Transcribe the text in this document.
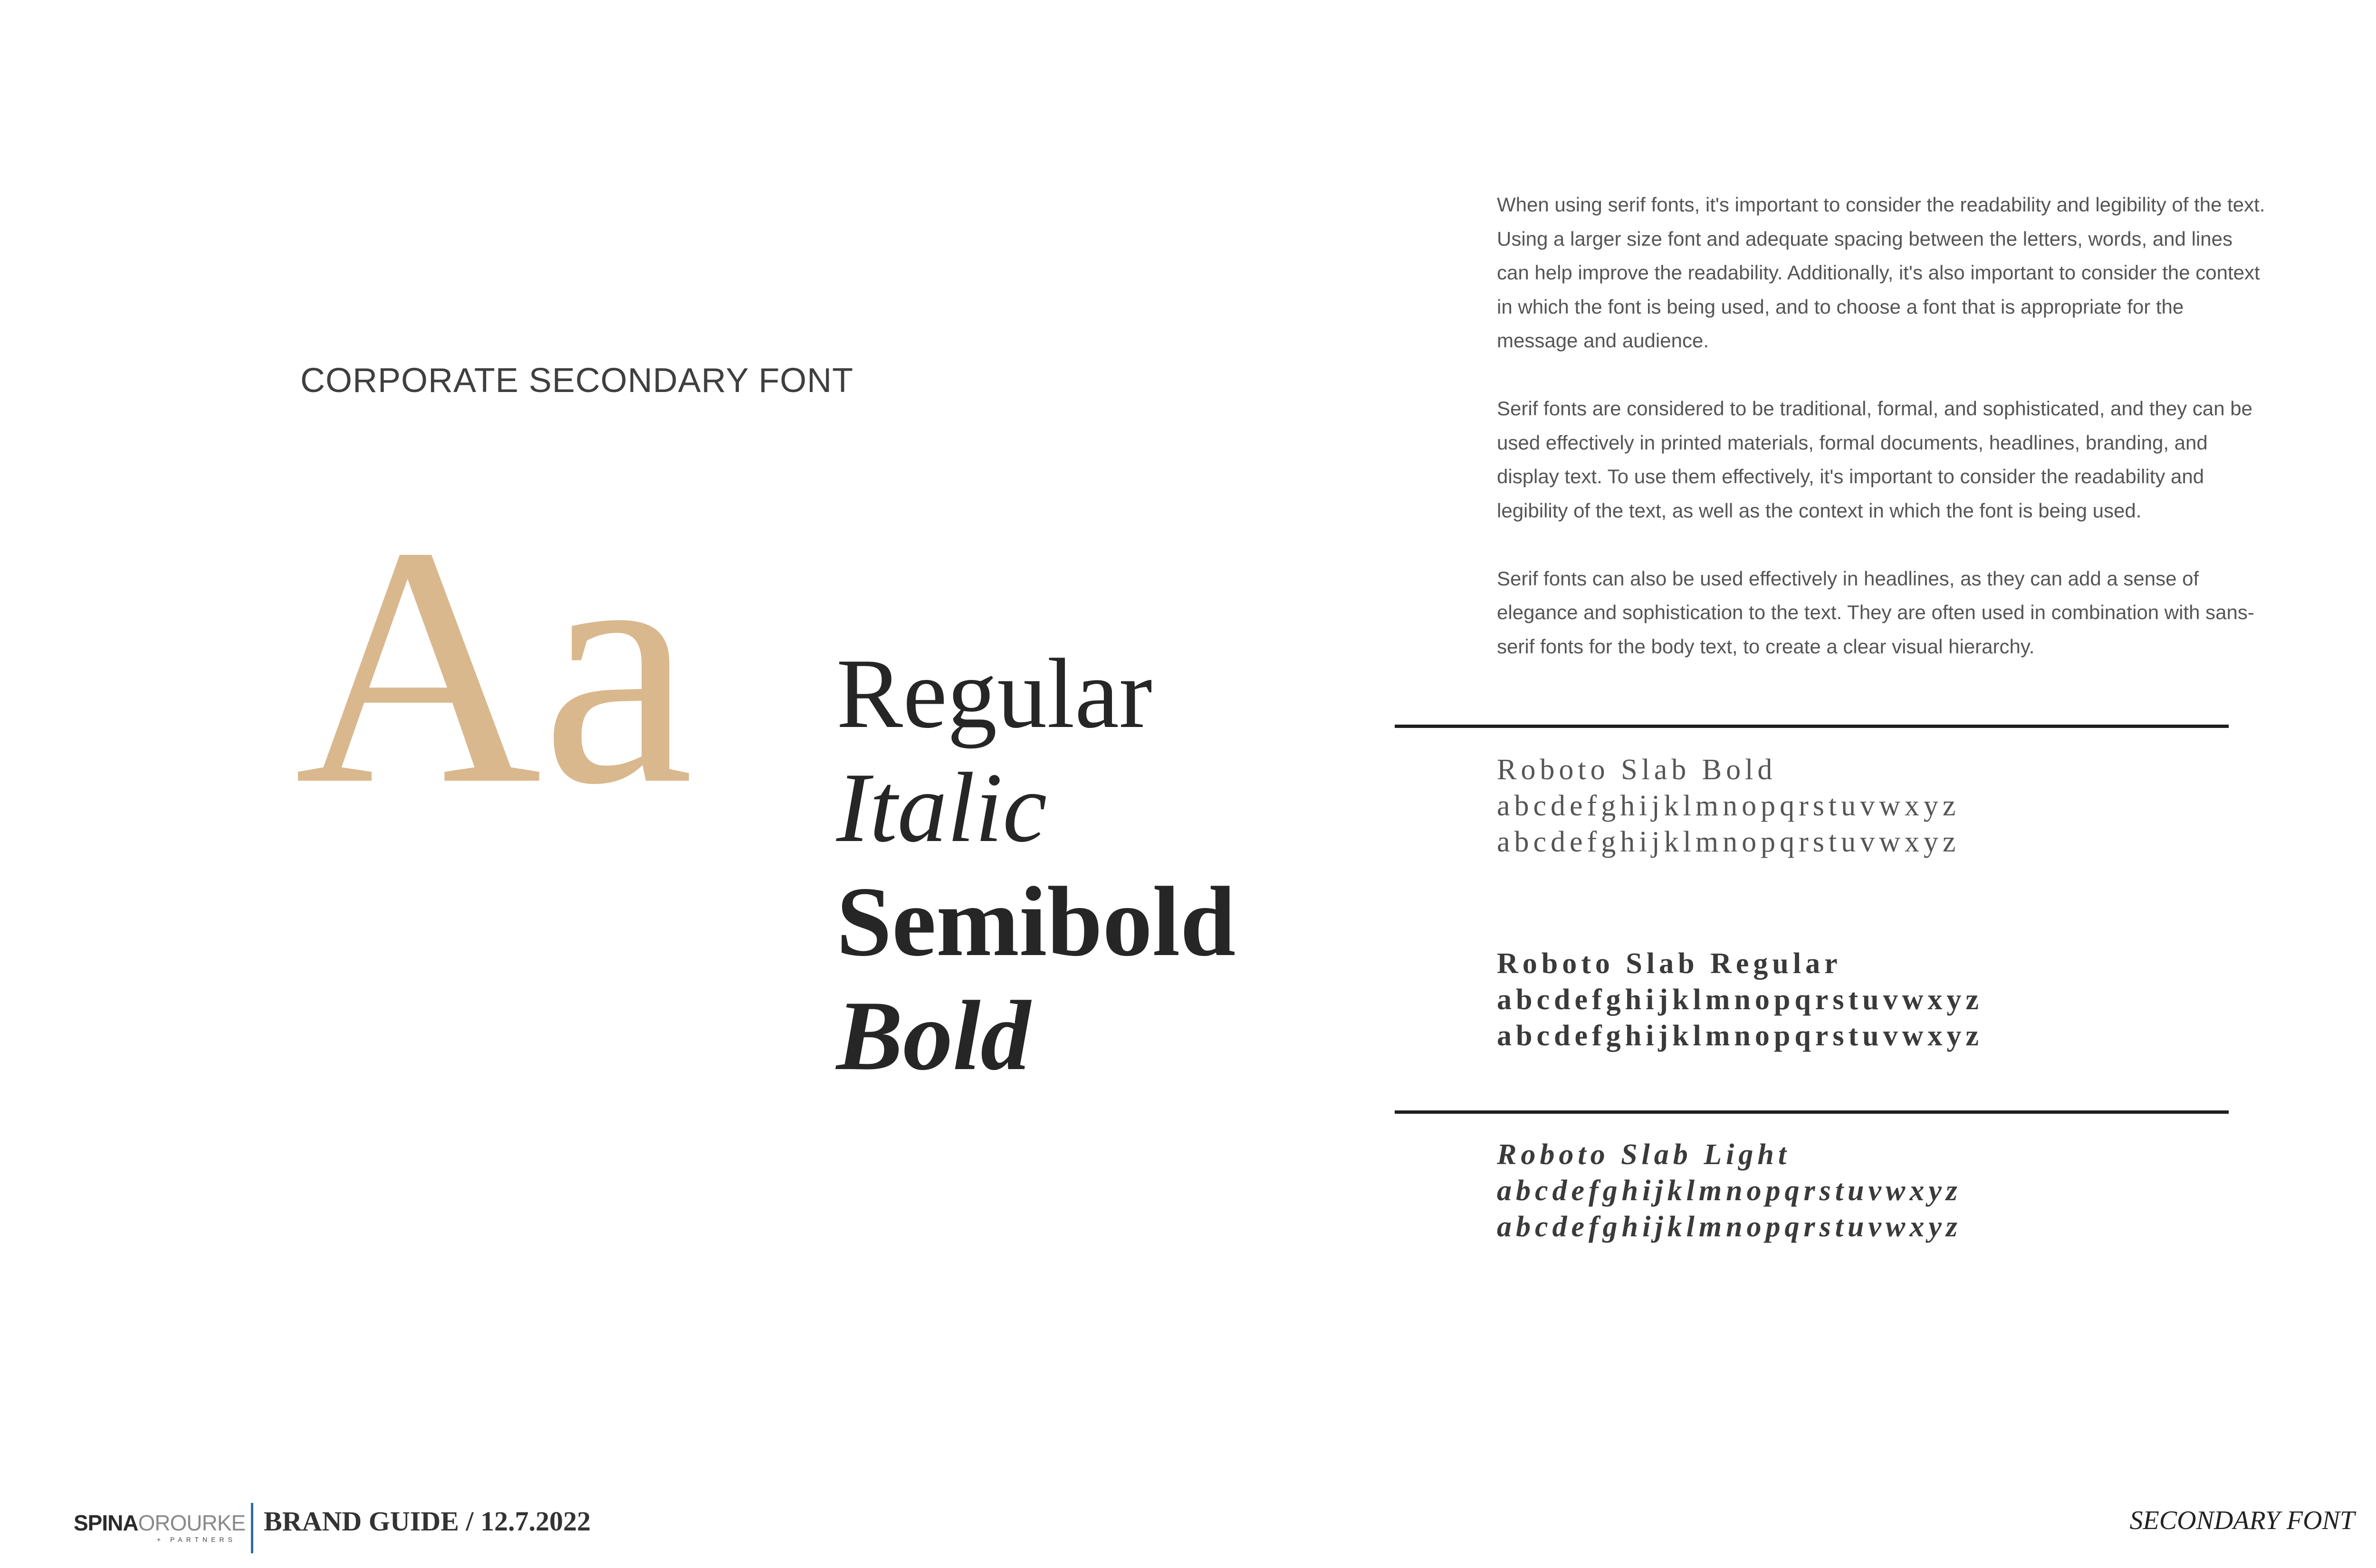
CORPORATE SECONDARY FONT
Aa Regular
Italic
Semibold
Bold

When using serif fonts, it's important to consider the readability and legibility of the text. Using a larger size font and adequate spacing between the letters, words, and lines can help improve the readability. Additionally, it's also important to consider the context in which the font is being used, and to choose a font that is appropriate for the message and audience.

Serif fonts are considered to be traditional, formal, and sophisticated, and they can be used effectively in printed materials, formal documents, headlines, branding, and display text. To use them effectively, it's important to consider the readability and legibility of the text, as well as the context in which the font is being used.

Serif fonts can also be used effectively in headlines, as they can add a sense of elegance and sophistication to the text. They are often used in combination with sans-serif fonts for the body text, to create a clear visual hierarchy.

Roboto Slab Bold
abcdefghijklmnopqrstuvwxyz
abcdefghijklmnopqrstuvwxyz
Roboto Slab Regular
abcdefghijklmnopqrstuvwxyz
abcdefghijklmnopqrstuvwxyz
Roboto Slab Light
abcdefghijklmnopqrstuvwxyz
abcdefghijklmnopqrstuvwxyz
SPINAOROURKE
+ PARTNERS
BRAND GUIDE / 12.7.2022	SECONDARY FONT
